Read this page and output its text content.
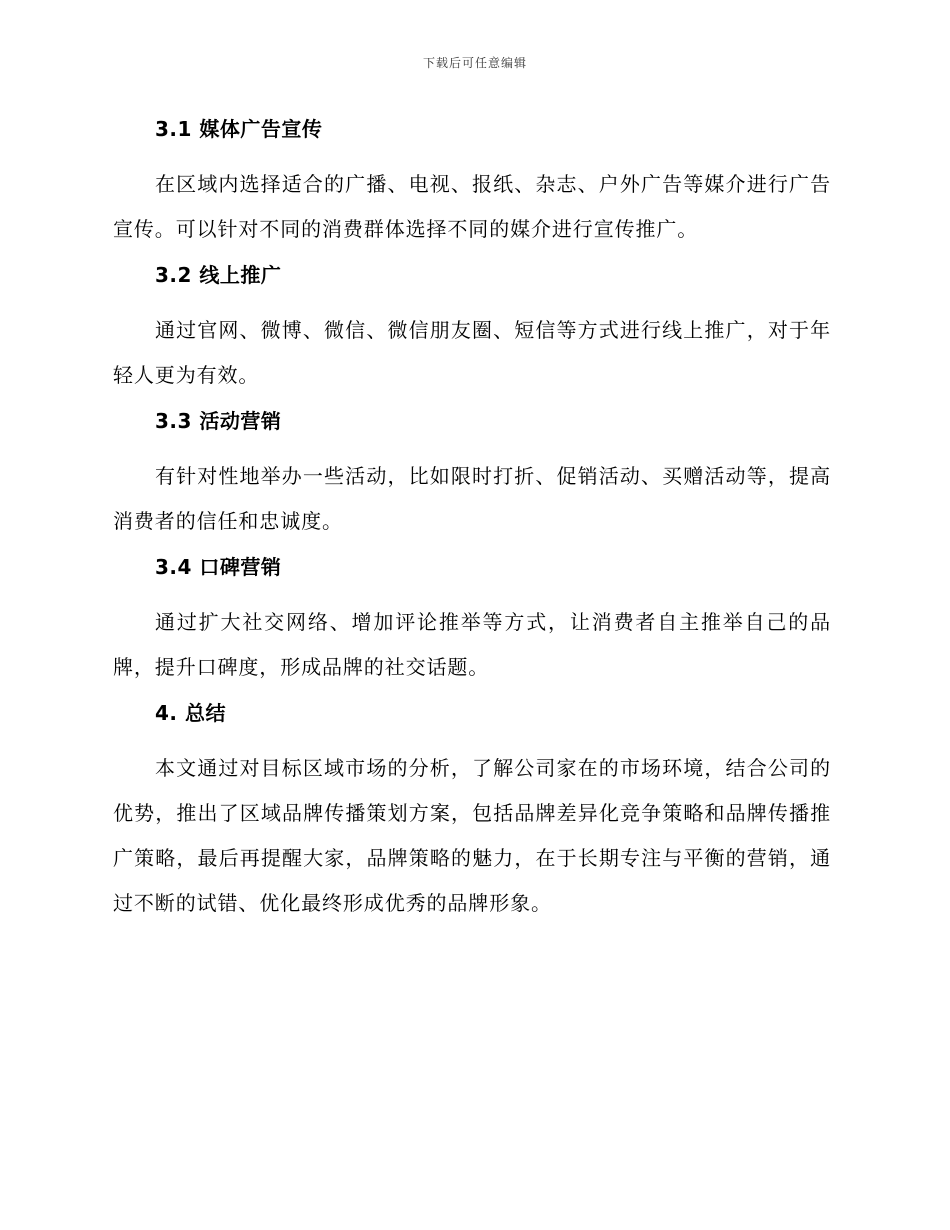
下载后可任意编辑
3.1 媒体广告宣传

在区域内选择适合的广播、电视、报纸、杂志、户外广告等媒介进行广告宣传。可以针对不同的消费群体选择不同的媒介进行宣传推广。

3.2 线上推广

通过官网、微博、微信、微信朋友圈、短信等方式进行线上推广，对于年轻人更为有效。

3.3 活动营销

有针对性地举办一些活动，比如限时打折、促销活动、买赠活动等，提高消费者的信任和忠诚度。

3.4 口碑营销

通过扩大社交网络、增加评论推举等方式，让消费者自主推举自己的品牌，提升口碑度，形成品牌的社交话题。

4. 总结

本文通过对目标区域市场的分析，了解公司家在的市场环境，结合公司的优势，推出了区域品牌传播策划方案，包括品牌差异化竞争策略和品牌传播推广策略，最后再提醒大家，品牌策略的魅力，在于长期专注与平衡的营销，通过不断的试错、优化最终形成优秀的品牌形象。
